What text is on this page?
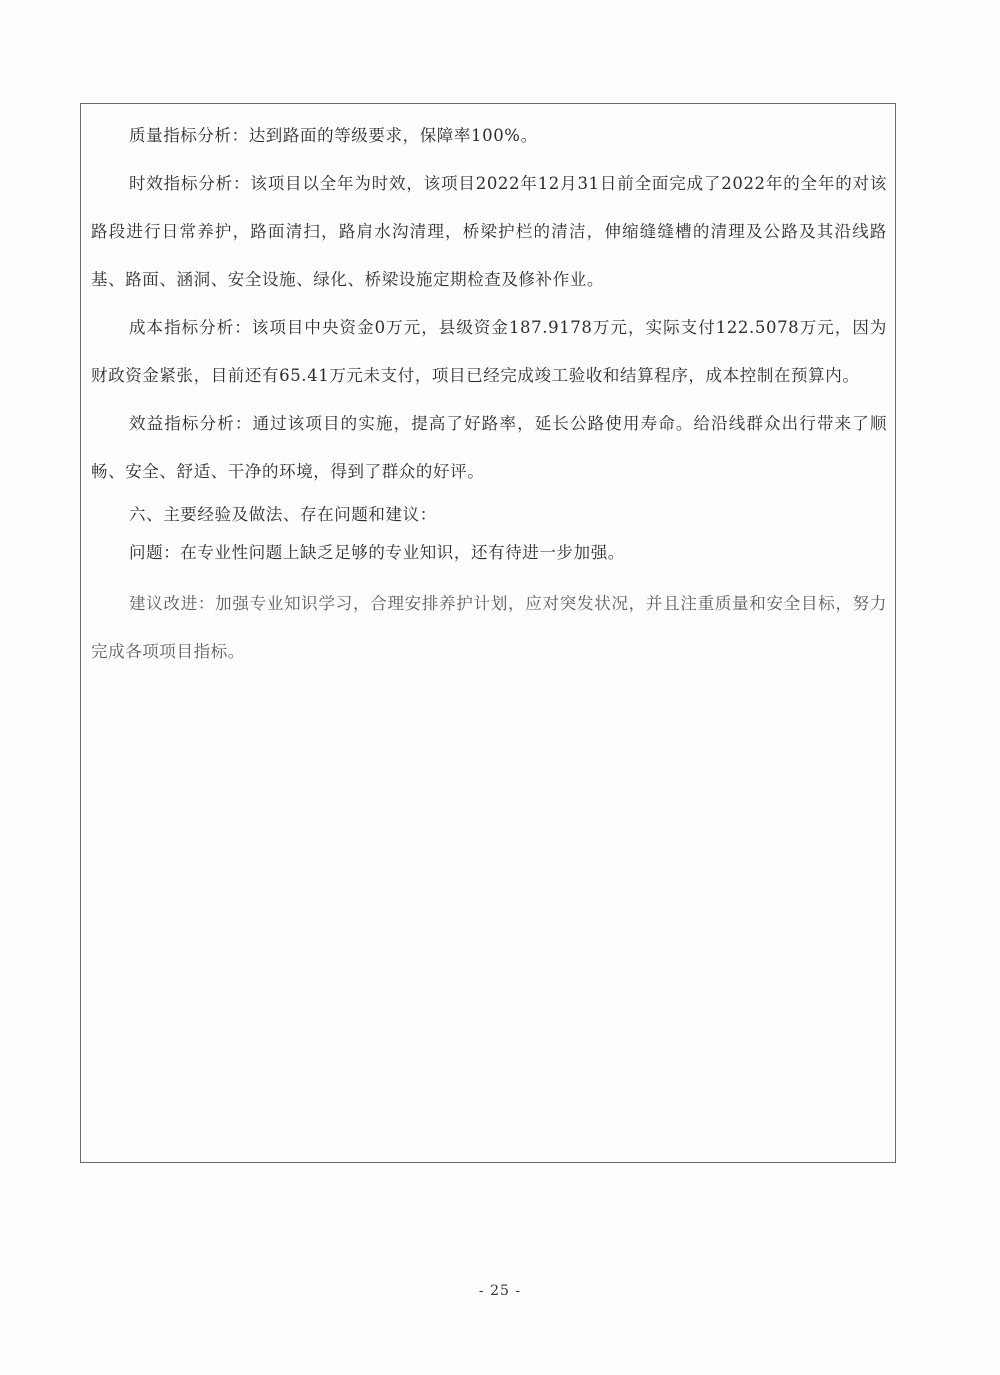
质量指标分析：达到路面的等级要求，保障率100%。

时效指标分析：该项目以全年为时效，该项目2022年12月31日前全面完成了2022年的全年的对该路段进行日常养护，路面清扫，路肩水沟清理，桥梁护栏的清洁，伸缩缝缝槽的清理及公路及其沿线路基、路面、涵洞、安全设施、绿化、桥梁设施定期检查及修补作业。

成本指标分析：该项目中央资金0万元，县级资金187.9178万元，实际支付122.5078万元，因为财政资金紧张，目前还有65.41万元未支付，项目已经完成竣工验收和结算程序，成本控制在预算内。

效益指标分析：通过该项目的实施，提高了好路率，延长公路使用寿命。给沿线群众出行带来了顺畅、安全、舒适、干净的环境，得到了群众的好评。

六、主要经验及做法、存在问题和建议：

问题：在专业性问题上缺乏足够的专业知识，还有待进一步加强。

建议改进：加强专业知识学习，合理安排养护计划，应对突发状况，并且注重质量和安全目标，努力完成各项项目指标。

- 25 -
